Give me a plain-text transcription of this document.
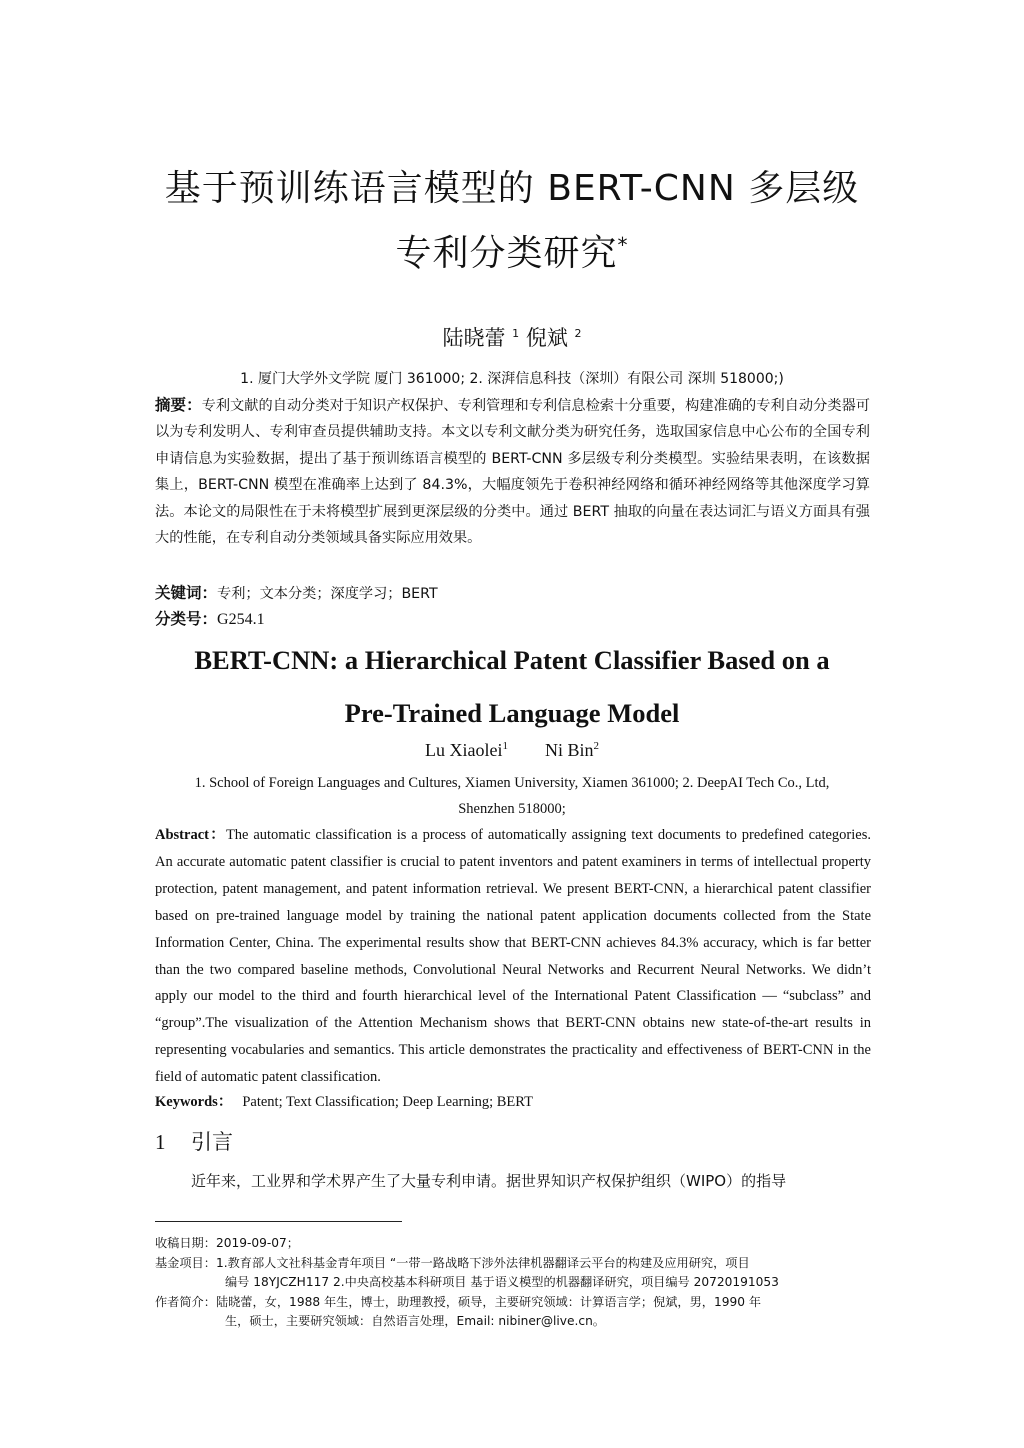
基于预训练语言模型的 BERT-CNN 多层级
专利分类研究*
陆晓蕾 $^1$ 倪斌 $^2$
1. 厦门大学外文学院 厦门 361000; 2. 深湃信息科技（深圳）有限公司 深圳 518000;)
摘要：专利文献的自动分类对于知识产权保护、专利管理和专利信息检索十分重要，构建准确的专利自动分类器可以为专利发明人、专利审查员提供辅助支持。本文以专利文献分类为研究任务，选取国家信息中心公布的全国专利申请信息为实验数据，提出了基于预训练语言模型的 BERT-CNN 多层级专利分类模型。实验结果表明，在该数据集上，BERT-CNN 模型在准确率上达到了 84.3%，大幅度领先于卷积神经网络和循环神经网络等其他深度学习算法。本论文的局限性在于未将模型扩展到更深层级的分类中。通过 BERT 抽取的向量在表达词汇与语义方面具有强大的性能，在专利自动分类领域具备实际应用效果。
关键词：专利；文本分类；深度学习；BERT
分类号：G254.1
BERT-CNN: a Hierarchical Patent Classifier Based on a
Pre-Trained Language Model
Lu Xiaolei$^1$ Ni Bin$^2$
1. School of Foreign Languages and Cultures, Xiamen University, Xiamen 361000; 2. DeepAI Tech Co., Ltd,
Shenzhen 518000;

Abstract：The automatic classification is a process of automatically assigning text documents to predefined categories. An accurate automatic patent classifier is crucial to patent inventors and patent examiners in terms of intellectual property protection, patent management, and patent information retrieval. We present BERT-CNN, a hierarchical patent classifier based on pre-trained language model by training the national patent application documents collected from the State Information Center, China. The experimental results show that BERT-CNN achieves 84.3% accuracy, which is far better than the two compared baseline methods, Convolutional Neural Networks and Recurrent Neural Networks. We didn’t apply our model to the third and fourth hierarchical level of the International Patent Classification — “subclass” and “group”.The visualization of the Attention Mechanism shows that BERT-CNN obtains new state-of-the-art results in representing vocabularies and semantics. This article demonstrates the practicality and effectiveness of BERT-CNN in the field of automatic patent classification.

Keywords： Patent; Text Classification; Deep Learning; BERT
1 引言
近年来，工业界和学术界产生了大量专利申请。据世界知识产权保护组织（WIPO）的指导
收稿日期： 2019-09-07；
基金项目： 1.教育部人文社科基金青年项目 “一带一路战略下涉外法律机器翻译云平台的构建及应用研究，项目
编号 18YJCZH117 2.中央高校基本科研项目 基于语义模型的机器翻译研究，项目编号 20720191053
作者简介： 陆晓蕾，女，1988 年生，博士，助理教授，硕导，主要研究领域：计算语言学；倪斌，男，1990 年
生，硕士，主要研究领域：自然语言处理，Email: nibiner@live.cn。
